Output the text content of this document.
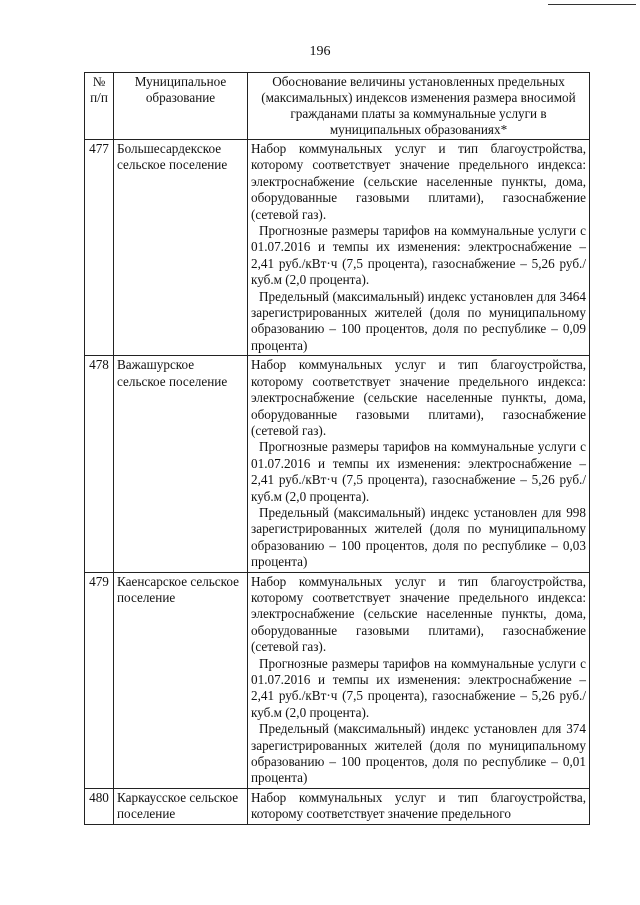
196
№ п/п	Муниципальное образование	Обоснование величины установленных предельных (максимальных) индексов изменения размера вносимой гражданами платы за коммунальные услуги в муниципальных образованиях*
477	Большесардекское сельское поселение	Набор коммунальных услуг и тип благоустройства, которому соответствует значение предельного индекса: электроснабжение (сельские населенные пункты, дома, оборудованные газовыми плитами), газоснабжение (сетевой газ).

Прогнозные размеры тарифов на коммунальные услуги с 01.07.2016 и темпы их изменения: электроснабжение – 2,41 руб./кВт·ч (7,5 процента), газоснабжение – 5,26 руб./куб.м (2,0 процента).

Предельный (максимальный) индекс установлен для 3464 зарегистрированных жителей (доля по муниципальному образованию – 100 процентов, доля по республике – 0,09 процента)

478	Важашурское сельское поселение	Набор коммунальных услуг и тип благоустройства, которому соответствует значение предельного индекса: электроснабжение (сельские населенные пункты, дома, оборудованные газовыми плитами), газоснабжение (сетевой газ).

Прогнозные размеры тарифов на коммунальные услуги с 01.07.2016 и темпы их изменения: электроснабжение – 2,41 руб./кВт·ч (7,5 процента), газоснабжение – 5,26 руб./куб.м (2,0 процента).

Предельный (максимальный) индекс установлен для 998 зарегистрированных жителей (доля по муниципальному образованию – 100 процентов, доля по республике – 0,03 процента)

479	Каенсарское сельское поселение	Набор коммунальных услуг и тип благоустройства, которому соответствует значение предельного индекса: электроснабжение (сельские населенные пункты, дома, оборудованные газовыми плитами), газоснабжение (сетевой газ).

Прогнозные размеры тарифов на коммунальные услуги с 01.07.2016 и темпы их изменения: электроснабжение – 2,41 руб./кВт·ч (7,5 процента), газоснабжение – 5,26 руб./куб.м (2,0 процента).

Предельный (максимальный) индекс установлен для 374 зарегистрированных жителей (доля по муниципальному образованию – 100 процентов, доля по республике – 0,01 процента)

480	Каркаусское сельское поселение	Набор коммунальных услуг и тип благоустройства, которому соответствует значение предельного
